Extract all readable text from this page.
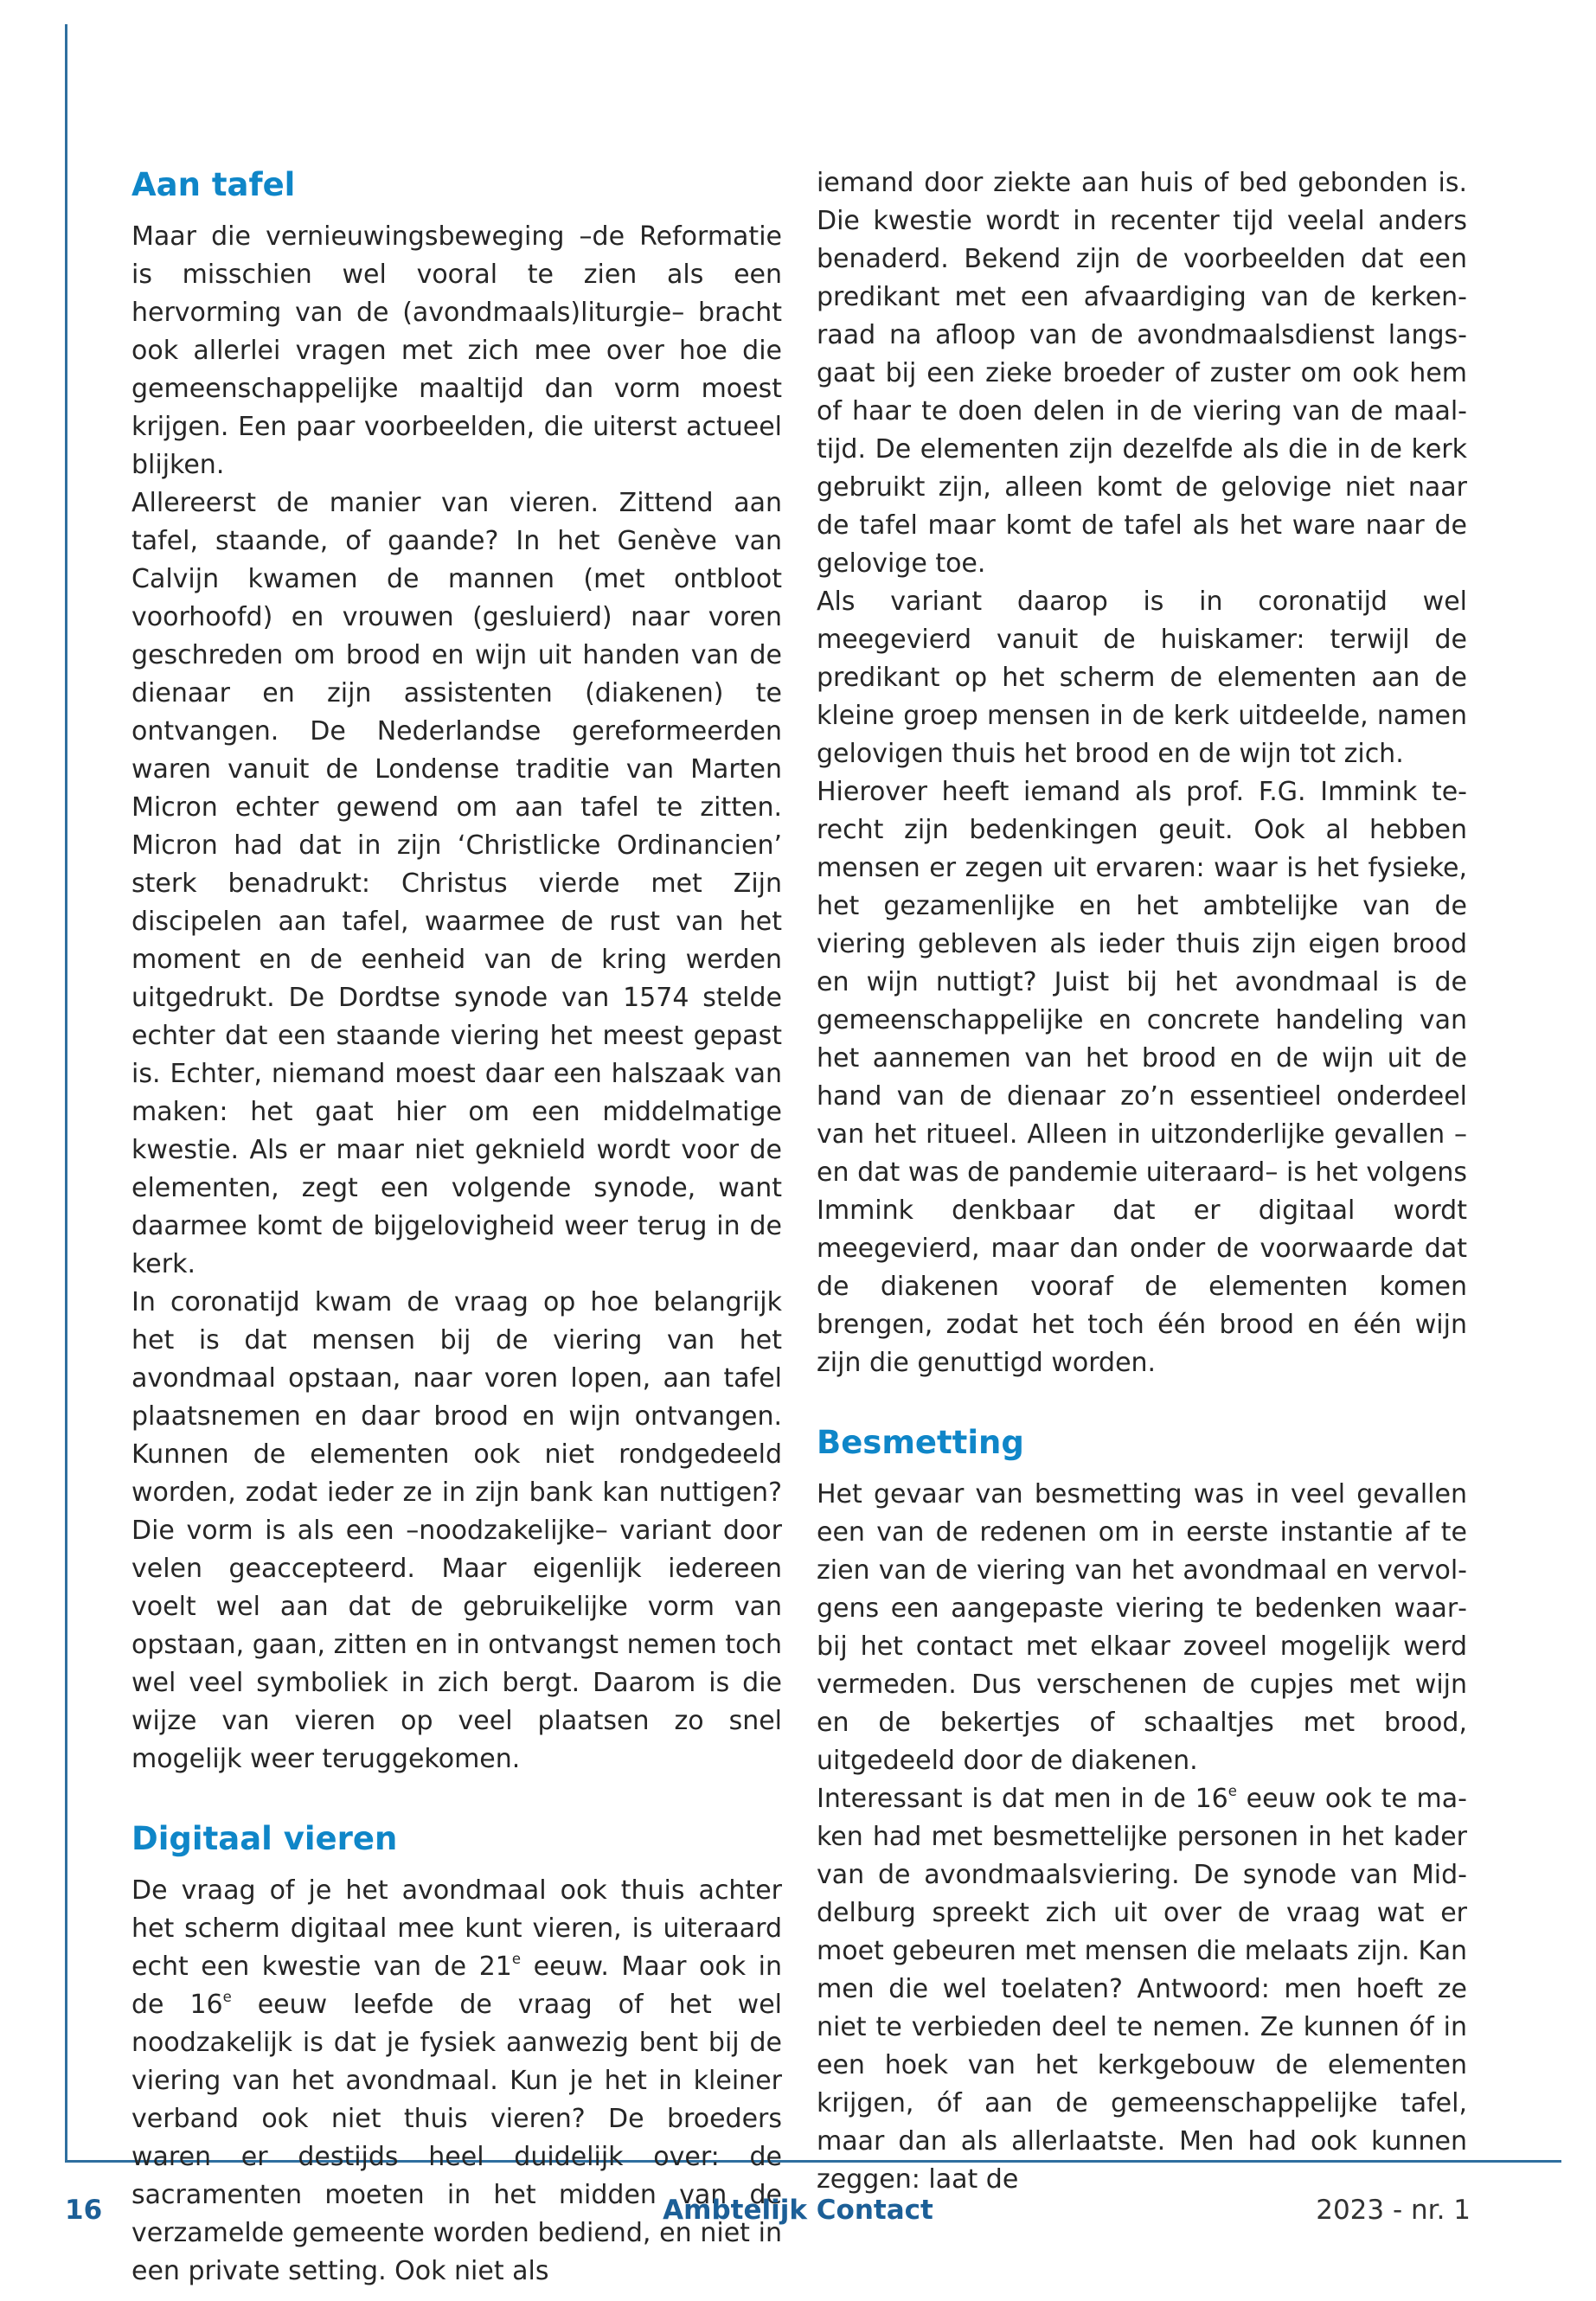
Aan tafel

Maar die vernieuwingsbeweging –de Reformatie is misschien wel vooral te zien als een hervorming van de (avondmaals)liturgie– bracht ook allerlei vragen met zich mee over hoe die gemeenschappelijke maaltijd dan vorm moest krijgen. Een paar voorbeelden, die uiterst actueel blijken.

Allereerst de manier van vieren. Zittend aan tafel, staande, of gaande? In het Genève van Calvijn kwamen de mannen (met ontbloot voorhoofd) en vrouwen (gesluierd) naar voren geschreden om brood en wijn uit handen van de dienaar en zijn assistenten (diakenen) te ontvangen. De Nederlandse gereformeerden waren vanuit de Londense traditie van Marten Micron echter gewend om aan tafel te zitten. Micron had dat in zijn ‘Christlicke Ordinancien’ sterk benadrukt: Christus vierde met Zijn discipelen aan tafel, waarmee de rust van het moment en de eenheid van de kring werden uitgedrukt. De Dordtse synode van 1574 stelde echter dat een staande viering het meest gepast is. Echter, niemand moest daar een halszaak van maken: het gaat hier om een middelmatige kwestie. Als er maar niet geknield wordt voor de elementen, zegt een volgende synode, want daarmee komt de bijgelovigheid weer terug in de kerk.

In coronatijd kwam de vraag op hoe belangrijk het is dat mensen bij de viering van het avondmaal opstaan, naar voren lopen, aan tafel plaatsnemen en daar brood en wijn ontvangen. Kunnen de elementen ook niet rondgedeeld worden, zodat ieder ze in zijn bank kan nuttigen? Die vorm is als een –noodzakelijke– variant door velen geaccepteerd. Maar eigenlijk iedereen voelt wel aan dat de gebruikelijke vorm van opstaan, gaan, zitten en in ontvangst nemen toch wel veel symboliek in zich bergt. Daarom is die wijze van vieren op veel plaatsen zo snel mogelijk weer teruggekomen.

Digitaal vieren

De vraag of je het avondmaal ook thuis achter het scherm digitaal mee kunt vieren, is uiteraard echt een kwestie van de 21e eeuw. Maar ook in de 16e eeuw leefde de vraag of het wel noodzakelijk is dat je fysiek aanwezig bent bij de viering van het avondmaal. Kun je het in kleiner verband ook niet thuis vieren? De broeders waren er destijds heel duidelijk over: de sacramenten moeten in het midden van de verzamelde gemeente worden bediend, en niet in een private setting. Ook niet als

iemand door ziekte aan huis of bed gebonden is. Die kwestie wordt in recenter tijd veelal anders benaderd. Bekend zijn de voorbeelden dat een predikant met een afvaardiging van de kerkenraad na afloop van de avondmaalsdienst langsgaat bij een zieke broeder of zuster om ook hem of haar te doen delen in de viering van de maaltijd. De elementen zijn dezelfde als die in de kerk gebruikt zijn, alleen komt de gelovige niet naar de tafel maar komt de tafel als het ware naar de gelovige toe.

Als variant daarop is in coronatijd wel meegevierd vanuit de huiskamer: terwijl de predikant op het scherm de elementen aan de kleine groep mensen in de kerk uitdeelde, namen gelovigen thuis het brood en de wijn tot zich.

Hierover heeft iemand als prof. F.G. Immink terecht zijn bedenkingen geuit. Ook al hebben mensen er zegen uit ervaren: waar is het fysieke, het gezamenlijke en het ambtelijke van de viering gebleven als ieder thuis zijn eigen brood en wijn nuttigt? Juist bij het avondmaal is de gemeenschappelijke en concrete handeling van het aannemen van het brood en de wijn uit de hand van de dienaar zo’n essentieel onderdeel van het ritueel. Alleen in uitzonderlijke gevallen –en dat was de pandemie uiteraard– is het volgens Immink denkbaar dat er digitaal wordt meegevierd, maar dan onder de voorwaarde dat de diakenen vooraf de elementen komen brengen, zodat het toch één brood en één wijn zijn die genuttigd worden.

Besmetting

Het gevaar van besmetting was in veel gevallen een van de redenen om in eerste instantie af te zien van de viering van het avondmaal en vervolgens een aangepaste viering te bedenken waarbij het contact met elkaar zoveel mogelijk werd vermeden. Dus verschenen de cupjes met wijn en de bekertjes of schaaltjes met brood, uitgedeeld door de diakenen.

Interessant is dat men in de 16e eeuw ook te maken had met besmettelijke personen in het kader van de avondmaalsviering. De synode van Middelburg spreekt zich uit over de vraag wat er moet gebeuren met mensen die melaats zijn. Kan men die wel toelaten? Antwoord: men hoeft ze niet te verbieden deel te nemen. Ze kunnen óf in een hoek van het kerkgebouw de elementen krijgen, óf aan de gemeenschappelijke tafel, maar dan als allerlaatste. Men had ook kunnen zeggen: laat de

Ambtelijk Contact
16	2023 - nr. 1
